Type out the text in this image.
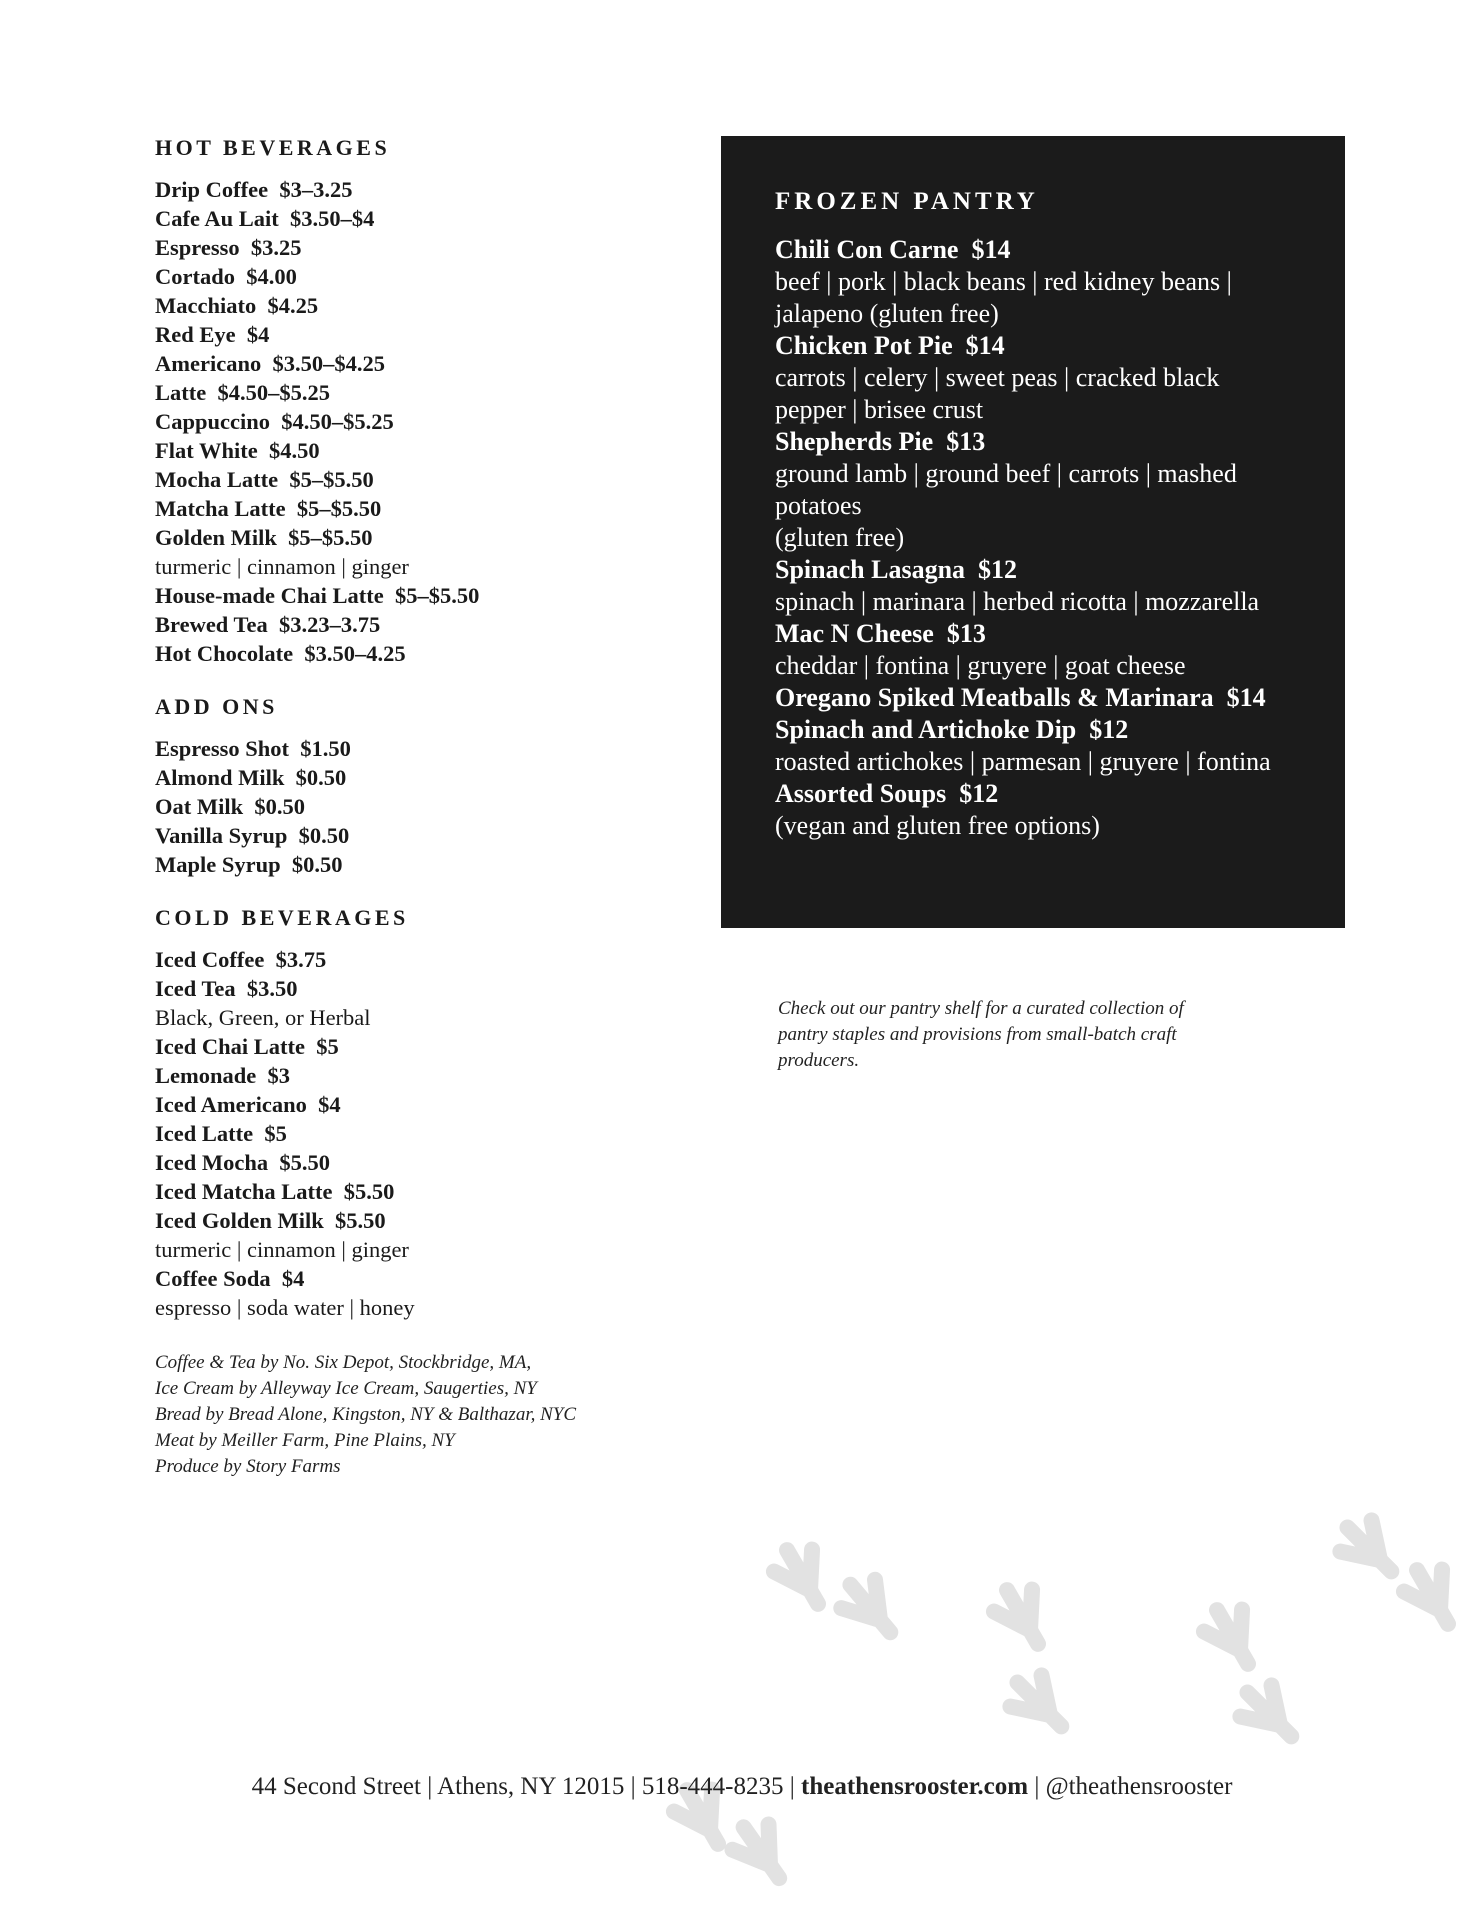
HOT BEVERAGES
Drip Coffee $3–3.25
Cafe Au Lait $3.50–$4
Espresso $3.25
Cortado $4.00
Macchiato $4.25
Red Eye $4
Americano $3.50–$4.25
Latte $4.50–$5.25
Cappuccino $4.50–$5.25
Flat White $4.50
Mocha Latte $5–$5.50
Matcha Latte $5–$5.50
Golden Milk $5–$5.50
turmeric | cinnamon | ginger
House-made Chai Latte $5–$5.50
Brewed Tea $3.23–3.75
Hot Chocolate $3.50–4.25
ADD ONS
Espresso Shot $1.50
Almond Milk $0.50
Oat Milk $0.50
Vanilla Syrup $0.50
Maple Syrup $0.50
COLD BEVERAGES
Iced Coffee $3.75
Iced Tea $3.50
Black, Green, or Herbal
Iced Chai Latte $5
Lemonade $3
Iced Americano $4
Iced Latte $5
Iced Mocha $5.50
Iced Matcha Latte $5.50
Iced Golden Milk $5.50
turmeric | cinnamon | ginger
Coffee Soda $4
espresso | soda water | honey
Coffee & Tea by No. Six Depot, Stockbridge, MA,
Ice Cream by Alleyway Ice Cream, Saugerties, NY
Bread by Bread Alone, Kingston, NY & Balthazar, NYC
Meat by Meiller Farm, Pine Plains, NY
Produce by Story Farms
FROZEN PANTRY
Chili Con Carne $14
beef | pork | black beans | red kidney beans | jalapeno (gluten free)
Chicken Pot Pie $14
carrots | celery | sweet peas | cracked black pepper | brisee crust
Shepherds Pie $13
ground lamb | ground beef | carrots | mashed potatoes
(gluten free)
Spinach Lasagna $12
spinach | marinara | herbed ricotta | mozzarella
Mac N Cheese $13
cheddar | fontina | gruyere | goat cheese
Oregano Spiked Meatballs & Marinara $14
Spinach and Artichoke Dip $12
roasted artichokes | parmesan | gruyere | fontina
Assorted Soups $12
(vegan and gluten free options)
Check out our pantry shelf for a curated collection of pantry staples and provisions from small-batch craft producers.
44 Second Street | Athens, NY 12015 | 518-444-8235 | theathensrooster.com | @theathensrooster
